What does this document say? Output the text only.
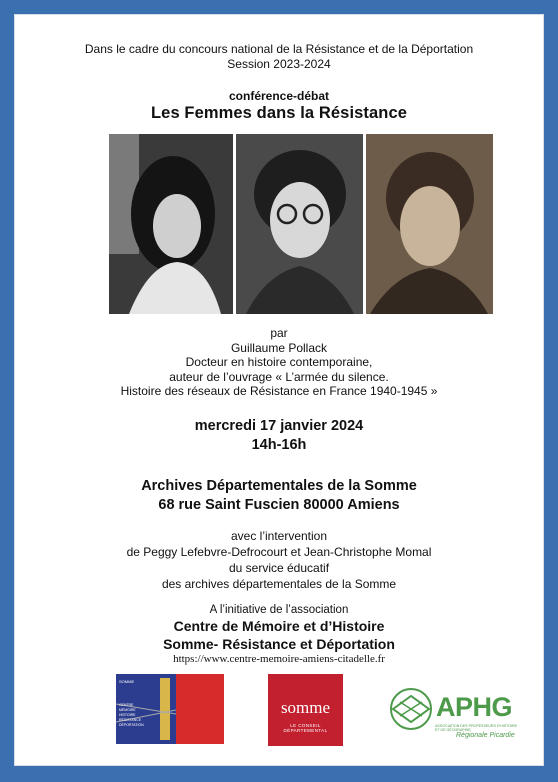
Dans le cadre du concours national de la Résistance et de la Déportation
Session 2023-2024
conférence-débat
Les Femmes dans la Résistance
par
Guillaume Pollack
Docteur en histoire contemporaine,
auteur de l’ouvrage « L’armée du silence.
Histoire des réseaux de Résistance en France 1940-1945 »
mercredi 17 janvier 2024
14h-16h
Archives Départementales de la Somme
68 rue Saint Fuscien 80000 Amiens
avec l’intervention
de Peggy Lefebvre-Defrocourt et Jean-Christophe Momal
du service éducatif
des archives départementales de la Somme
A l’initiative de l’association
Centre de Mémoire et d’Histoire
Somme- Résistance et Déportation
https://www.centre-memoire-amiens-citadelle.fr
SOMME
CENTRE
MÉMOIRE
HISTOIRE
RÉSISTANCE
DÉPORTATION
somme
LE CONSEIL DÉPARTEMENTAL
APHG
ASSOCIATION DES PROFESSEURS D'HISTOIRE ET DE GÉOGRAPHIE
Régionale Picardie
